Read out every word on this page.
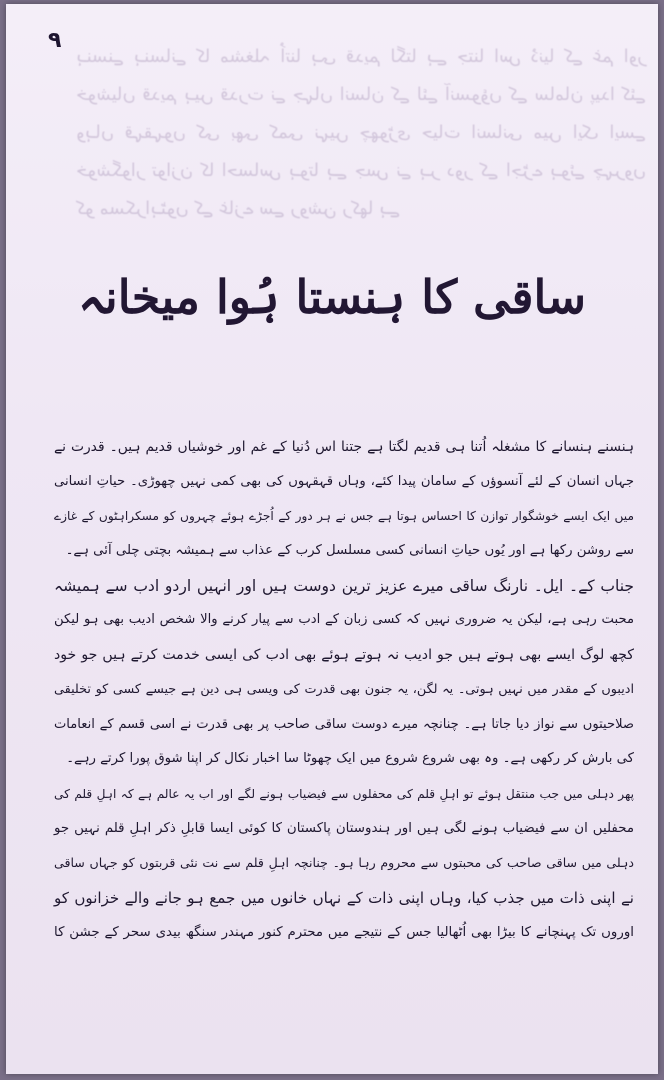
ہنسنے ہنسانے کا مشغلہ اُتنا ہی قدیم لگتا ہے جتنا اس دُنیا کے غم اور خوشیاں قدیم ہیں قدرت نے جہاں انسان کے لئے آنسوؤں کے سامان پیدا کئے وہاں قہقہوں کی بھی کمی نہیں چھوڑی حیات انسانی میں ایک ایسے خوشگوار توازن کا احساس ہوتا ہے جس نے ہر دور کے اجڑے ہوئے چہروں کو مسکراہٹوں کے غازے سے روشن رکھا ہے
۹
ساقی کا ہنستا ہُوا میخانہ
ہنسنے ہنسانے کا مشغلہ اُتنا ہی قدیم لگتا ہے جتنا اس دُنیا کے غم اور خوشیاں قدیم ہیں۔ قدرت نے
جہاں انسان کے لئے آنسوؤں کے سامان پیدا کئے، وہاں قہقہوں کی بھی کمی نہیں چھوڑی۔ حیاتِ انسانی
میں ایک ایسے خوشگوار توازن کا احساس ہوتا ہے جس نے ہر دور کے اُجڑے ہوئے چہروں کو مسکراہٹوں کے غازے
سے روشن رکھا ہے اور یُوں حیاتِ انسانی کسی مسلسل کرب کے عذاب سے ہمیشہ بچتی چلی آئی ہے۔
جناب کے۔ ایل۔ نارنگ ساقی میرے عزیز ترین دوست ہیں اور انہیں اردو ادب سے ہمیشہ
محبت رہی ہے، لیکن یہ ضروری نہیں کہ کسی زبان کے ادب سے پیار کرنے والا شخص ادیب بھی ہو لیکن
کچھ لوگ ایسے بھی ہوتے ہیں جو ادیب نہ ہوتے ہوئے بھی ادب کی ایسی خدمت کرتے ہیں جو خود
ادیبوں کے مقدر میں نہیں ہوتی۔ یہ لگن، یہ جنون بھی قدرت کی ویسی ہی دین ہے جیسے کسی کو تخلیقی
صلاحیتوں سے نواز دیا جاتا ہے۔ چنانچہ میرے دوست ساقی صاحب پر بھی قدرت نے اسی قسم کے انعامات
کی بارش کر رکھی ہے۔ وہ بھی شروع شروع میں ایک چھوٹا سا اخبار نکال کر اپنا شوق پورا کرتے رہے۔
پھر دہلی میں جب منتقل ہوئے تو اہلِ قلم کی محفلوں سے فیضیاب ہونے لگے اور اب یہ عالم ہے کہ اہلِ قلم کی
محفلیں ان سے فیضیاب ہونے لگی ہیں اور ہندوستان پاکستان کا کوئی ایسا قابلِ ذکر اہلِ قلم نہیں جو
دہلی میں ساقی صاحب کی محبتوں سے محروم رہا ہو۔ چنانچہ اہلِ قلم سے نت نئی قربتوں کو جہاں ساقی
نے اپنی ذات میں جذب کیا، وہاں اپنی ذات کے نہاں خانوں میں جمع ہو جانے والے خزانوں کو
اوروں تک پہنچانے کا بیڑا بھی اُٹھالیا جس کے نتیجے میں محترم کنور مہندر سنگھ بیدی سحر کے جشن کا
